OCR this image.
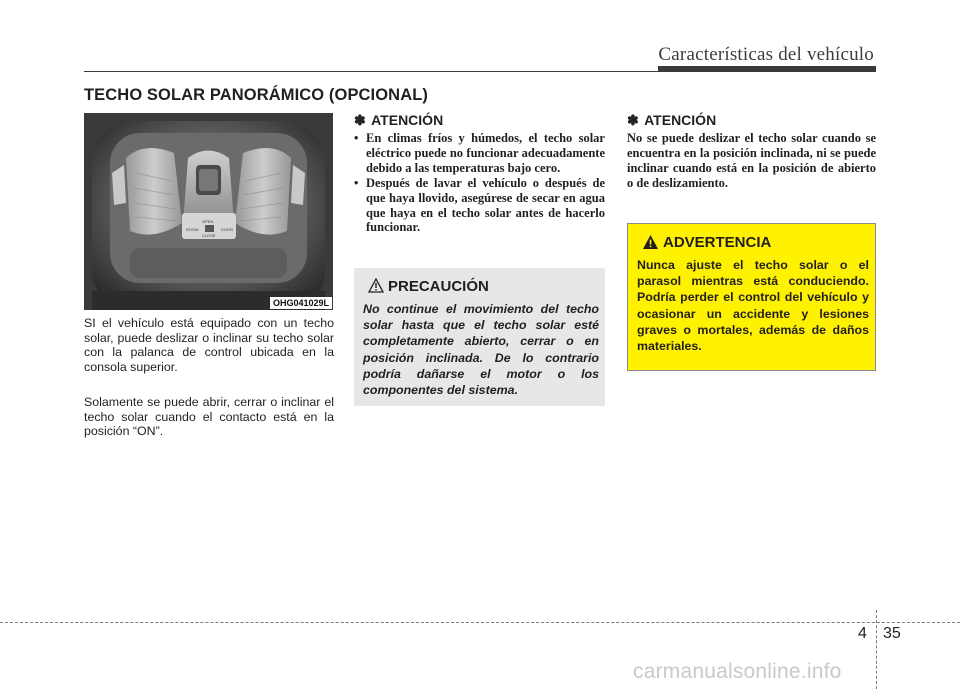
Características del vehículo
TECHO SOLAR PANORÁMICO (OPCIONAL)
ROOM
OPEN
CLOSE
DOOR
OHG041029L
SI el vehículo está equipado con un techo solar, puede deslizar o inclinar su techo solar con la palanca de control ubicada en la consola superior.
Solamente se puede abrir, cerrar o inclinar el techo solar cuando el contacto está en la posición “ON”.
✽ ATENCIÓN
• En climas fríos y húmedos, el techo solar eléctrico puede no funcionar adecuadamente debido a las temperaturas bajo cero.
• Después de lavar el vehículo o después de que haya llovido, asegúrese de secar en agua que haya en el techo solar antes de hacerlo funcionar.
PRECAUCIÓN
No continue el movimiento del techo solar hasta que el techo solar esté completamente abierto, cerrar o en posición inclinada. De lo contrario podría dañarse el motor o los componentes del sistema.
✽ ATENCIÓN
No se puede deslizar el techo solar cuando se encuentra en la posición inclinada, ni se puede inclinar cuando está en la posición de abierto o de deslizamiento.
ADVERTENCIA
Nunca ajuste el techo solar o el parasol mientras está conduciendo. Podría perder el control del vehículo y ocasionar un accidente y lesiones graves o mortales, además de daños materiales.
4 35
carmanualsonline.info
